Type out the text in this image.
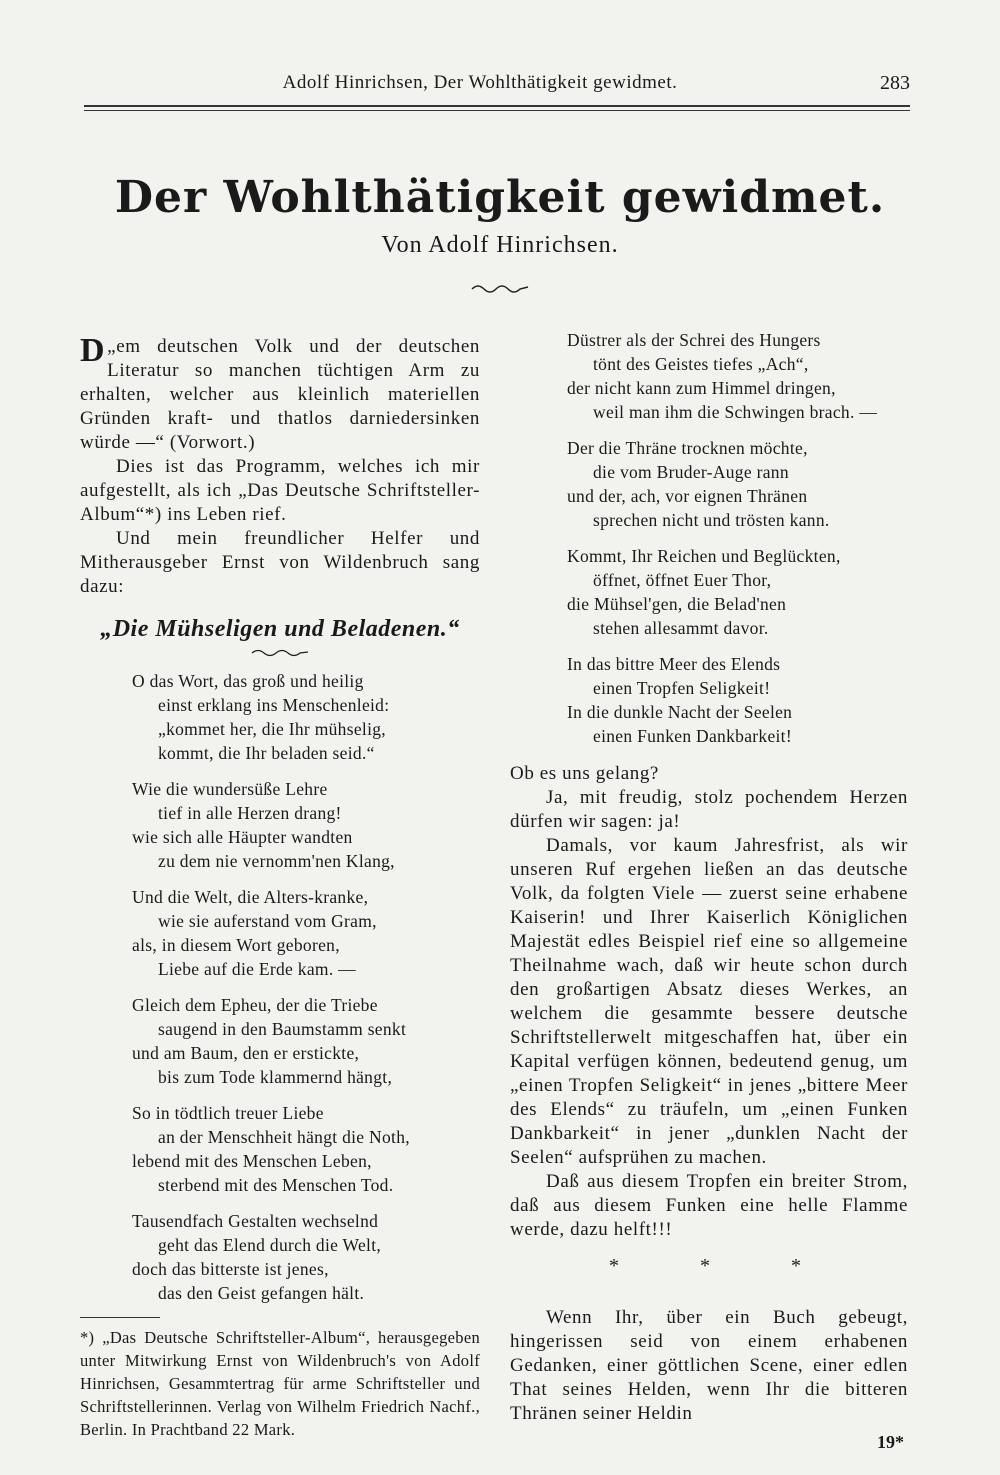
Adolf Hinrichsen, Der Wohlthätigkeit gewidmet.	283
Der Wohlthätigkeit gewidmet.
Von Adolf Hinrichsen.

„
D em deutschen Volk und der deutschen Literatur so manchen tüchtigen Arm zu erhalten, welcher aus kleinlich materiellen Gründen kraft- und thatlos darniedersinken würde —“ (Vorwort.)

Dies ist das Programm, welches ich mir aufgestellt, als ich „Das Deutsche Schriftsteller-Album“*) ins Leben rief.

Und mein freundlicher Helfer und Mitherausgeber Ernst von Wildenbruch sang dazu:

„Die Mühseligen und Beladenen.“
O das Wort, das groß und heilig
einst erklang ins Menschenleid:
„kommet her, die Ihr mühselig,
kommt, die Ihr beladen seid.“
Wie die wundersüße Lehre
tief in alle Herzen drang!
wie sich alle Häupter wandten
zu dem nie vernomm'nen Klang,
Und die Welt, die Alters-kranke,
wie sie auferstand vom Gram,
als, in diesem Wort geboren,
Liebe auf die Erde kam. —
Gleich dem Epheu, der die Triebe
saugend in den Baumstamm senkt
und am Baum, den er erstickte,
bis zum Tode klammernd hängt,
So in tödtlich treuer Liebe
an der Menschheit hängt die Noth,
lebend mit des Menschen Leben,
sterbend mit des Menschen Tod.
Tausendfach Gestalten wechselnd
geht das Elend durch die Welt,
doch das bitterste ist jenes,
das den Geist gefangen hält.

*) „Das Deutsche Schriftsteller-Album“, herausgegeben unter Mitwirkung Ernst von Wildenbruch's von Adolf Hinrichsen, Gesammtertrag für arme Schriftsteller und Schriftstellerinnen. Verlag von Wilhelm Friedrich Nachf., Berlin. In Prachtband 22 Mark.

Düstrer als der Schrei des Hungers
tönt des Geistes tiefes „Ach“,
der nicht kann zum Himmel dringen,
weil man ihm die Schwingen brach. —
Der die Thräne trocknen möchte,
die vom Bruder-Auge rann
und der, ach, vor eignen Thränen
sprechen nicht und trösten kann.
Kommt, Ihr Reichen und Beglückten,
öffnet, öffnet Euer Thor,
die Mühsel'gen, die Belad'nen
stehen allesammt davor.
In das bittre Meer des Elends
einen Tropfen Seligkeit!
In die dunkle Nacht der Seelen
einen Funken Dankbarkeit!

Ob es uns gelang?

Ja, mit freudig, stolz pochendem Herzen dürfen wir sagen: ja!

Damals, vor kaum Jahresfrist, als wir unseren Ruf ergehen ließen an das deutsche Volk, da folgten Viele — zuerst seine erhabene Kaiserin! und Ihrer Kaiserlich Königlichen Majestät edles Beispiel rief eine so allgemeine Theilnahme wach, daß wir heute schon durch den großartigen Absatz dieses Werkes, an welchem die gesammte bessere deutsche Schriftstellerwelt mitgeschaffen hat, über ein Kapital verfügen können, bedeutend genug, um „einen Tropfen Seligkeit“ in jenes „bittere Meer des Elends“ zu träufeln, um „einen Funken Dankbarkeit“ in jener „dunklen Nacht der Seelen“ aufsprühen zu machen.

Daß aus diesem Tropfen ein breiter Strom, daß aus diesem Funken eine helle Flamme werde, dazu helft!!!

* * *

Wenn Ihr, über ein Buch gebeugt, hingerissen seid von einem erhabenen Gedanken, einer göttlichen Scene, einer edlen That seines Helden, wenn Ihr die bitteren Thränen seiner Heldin

19*
